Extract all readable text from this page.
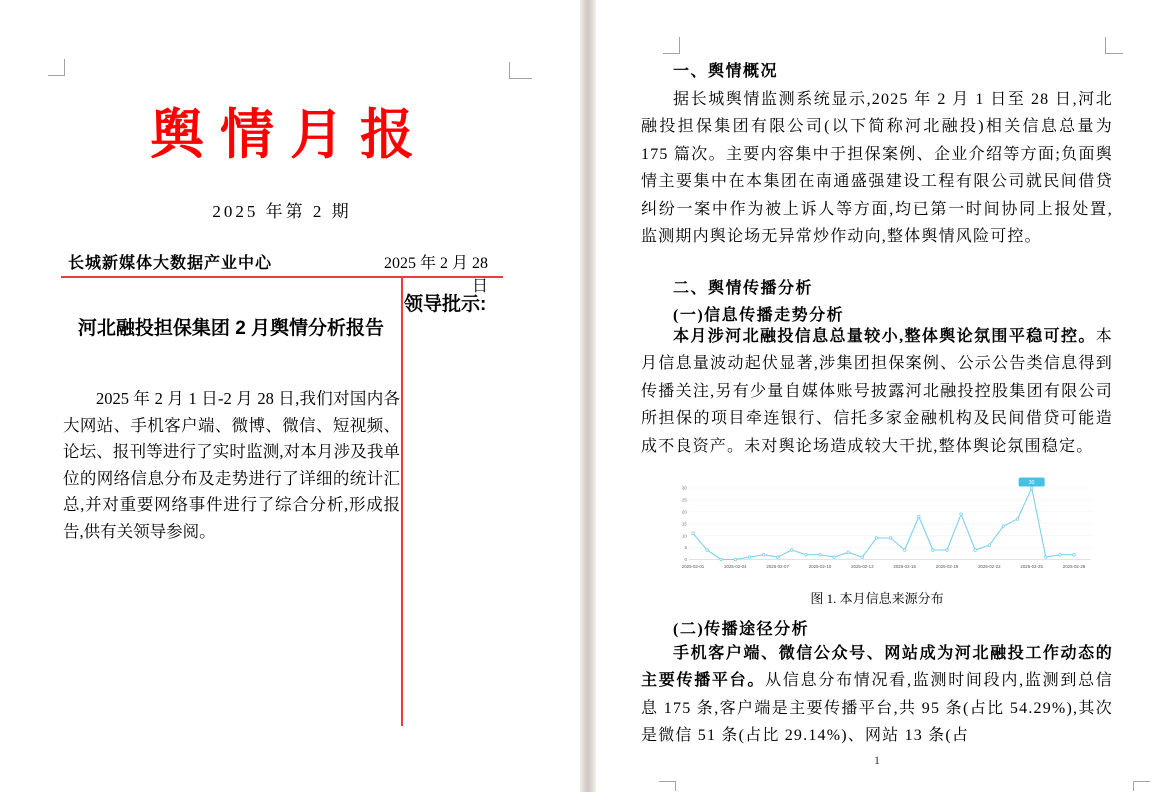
舆情月报
2025 年第 2 期
长城新媒体大数据产业中心	2025 年 2 月 28 日
河北融投担保集团 2 月舆情分析报告
领导批示:
2025 年 2 月 1 日-2 月 28 日,我们对国内各大网站、手机客户端、微博、微信、短视频、论坛、报刊等进行了实时监测,对本月涉及我单位的网络信息分布及走势进行了详细的统计汇总,并对重要网络事件进行了综合分析,形成报告,供有关领导参阅。
一、舆情概况

据长城舆情监测系统显示,2025 年 2 月 1 日至 28 日,河北融投担保集团有限公司(以下简称河北融投)相关信息总量为 175 篇次。主要内容集中于担保案例、企业介绍等方面;负面舆情主要集中在本集团在南通盛强建设工程有限公司就民间借贷纠纷一案中作为被上诉人等方面,均已第一时间协同上报处置,监测期内舆论场无异常炒作动向,整体舆情风险可控。

二、舆情传播分析
(一)信息传播走势分析

本月涉河北融投信息总量较小,整体舆论氛围平稳可控。本月信息量波动起伏显著,涉集团担保案例、公示公告类信息得到传播关注,另有少量自媒体账号披露河北融投控股集团有限公司所担保的项目牵连银行、信托多家金融机构及民间借贷可能造成不良资产。未对舆论场造成较大干扰,整体舆论氛围稳定。

0
5
10
15
20
25
30
2025-02-01	2025-02-04	2025-02-07	2025-02-10	2025-02-13	2025-02-16	2025-02-19	2025-02-22	2025-02-25	2025-02-28
30
图 1. 本月信息来源分布
(二)传播途径分析

手机客户端、微信公众号、网站成为河北融投工作动态的主要传播平台。从信息分布情况看,监测时间段内,监测到总信息 175 条,客户端是主要传播平台,共 95 条(占比 54.29%),其次是微信 51 条(占比 29.14%)、网站 13 条(占

1
